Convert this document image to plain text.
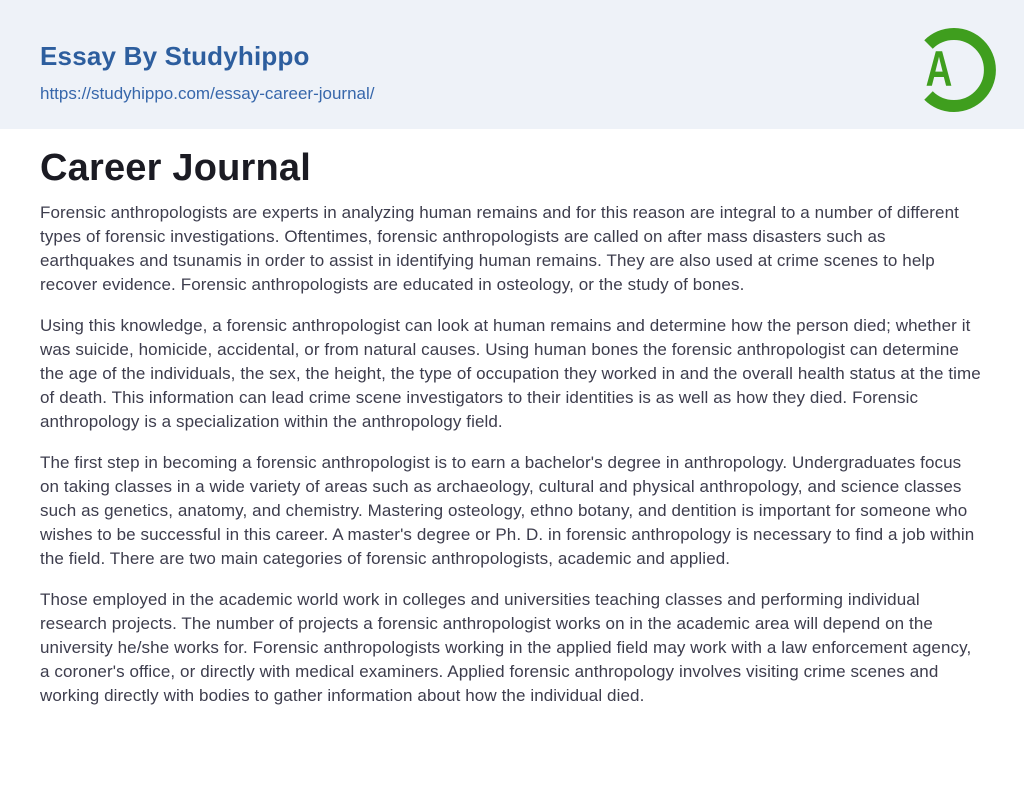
Essay By Studyhippo
https://studyhippo.com/essay-career-journal/	A
Career Journal

Forensic anthropologists are experts in analyzing human remains and for this reason are integral to a number of different types of forensic investigations. Oftentimes, forensic anthropologists are called on after mass disasters such as earthquakes and tsunamis in order to assist in identifying human remains. They are also used at crime scenes to help recover evidence. Forensic anthropologists are educated in osteology, or the study of bones.

Using this knowledge, a forensic anthropologist can look at human remains and determine how the person died; whether it was suicide, homicide, accidental, or from natural causes. Using human bones the forensic anthropologist can determine the age of the individuals, the sex, the height, the type of occupation they worked in and the overall health status at the time of death. This information can lead crime scene investigators to their identities is as well as how they died. Forensic anthropology is a specialization within the anthropology field.

The first step in becoming a forensic anthropologist is to earn a bachelor's degree in anthropology. Undergraduates focus on taking classes in a wide variety of areas such as archaeology, cultural and physical anthropology, and science classes such as genetics, anatomy, and chemistry. Mastering osteology, ethno botany, and dentition is important for someone who wishes to be successful in this career. A master's degree or Ph. D. in forensic anthropology is necessary to find a job within the field. There are two main categories of forensic anthropologists, academic and applied.

Those employed in the academic world work in colleges and universities teaching classes and performing individual research projects. The number of projects a forensic anthropologist works on in the academic area will depend on the university he/she works for. Forensic anthropologists working in the applied field may work with a law enforcement agency, a coroner's office, or directly with medical examiners. Applied forensic anthropology involves visiting crime scenes and working directly with bodies to gather information about how the individual died.
